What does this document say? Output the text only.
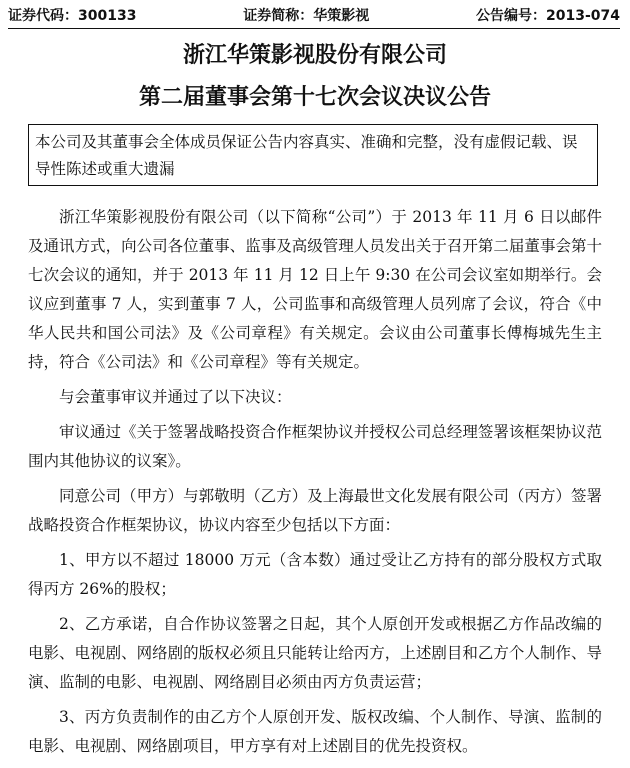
证券代码：300133	证券简称：华策影视	公告编号：2013-074
浙江华策影视股份有限公司
第二届董事会第十七次会议决议公告
本公司及其董事会全体成员保证公告内容真实、准确和完整，没有虚假记载、误导性陈述或重大遗漏

浙江华策影视股份有限公司（以下简称“公司”）于 2013 年 11 月 6 日以邮件及通讯方式，向公司各位董事、监事及高级管理人员发出关于召开第二届董事会第十七次会议的通知，并于 2013 年 11 月 12 日上午 9:30 在公司会议室如期举行。会议应到董事 7 人，实到董事 7 人，公司监事和高级管理人员列席了会议，符合《中华人民共和国公司法》及《公司章程》有关规定。会议由公司董事长傅梅城先生主持，符合《公司法》和《公司章程》等有关规定。

与会董事审议并通过了以下决议：

审议通过《关于签署战略投资合作框架协议并授权公司总经理签署该框架协议范围内其他协议的议案》。

同意公司（甲方）与郭敬明（乙方）及上海最世文化发展有限公司（丙方）签署战略投资合作框架协议，协议内容至少包括以下方面：

1、甲方以不超过 18000 万元（含本数）通过受让乙方持有的部分股权方式取得丙方 26%的股权；

2、乙方承诺，自合作协议签署之日起，其个人原创开发或根据乙方作品改编的电影、电视剧、网络剧的版权必须且只能转让给丙方，上述剧目和乙方个人制作、导演、监制的电影、电视剧、网络剧目必须由丙方负责运营；

3、丙方负责制作的由乙方个人原创开发、版权改编、个人制作、导演、监制的电影、电视剧、网络剧项目，甲方享有对上述剧目的优先投资权。
